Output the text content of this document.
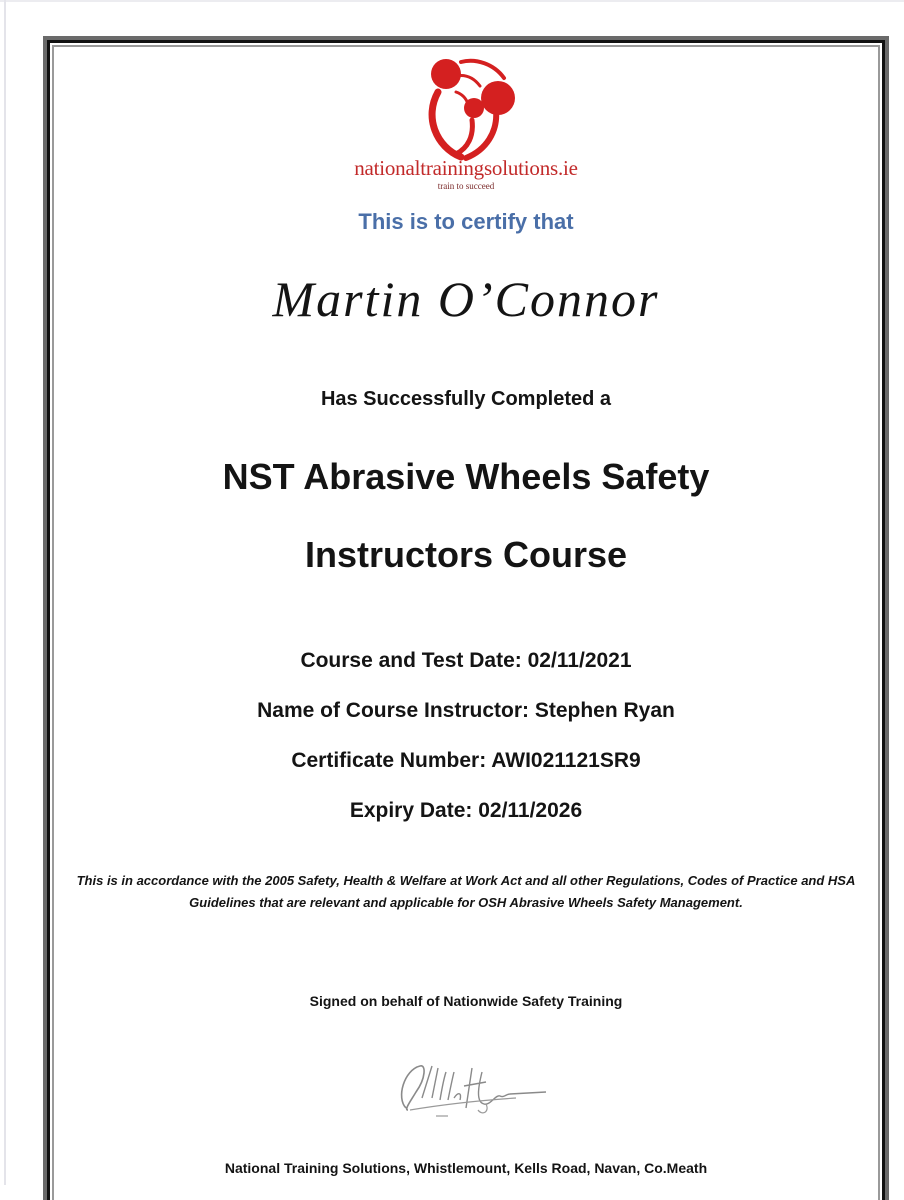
nationaltrainingsolutions.ie
train to succeed
This is to certify that
Martin O’Connor
Has Successfully Completed a
NST Abrasive Wheels Safety
Instructors Course
Course and Test Date: 02/11/2021
Name of Course Instructor: Stephen Ryan
Certificate Number: AWI021121SR9
Expiry Date: 02/11/2026
This is in accordance with the 2005 Safety, Health & Welfare at Work Act and all other Regulations, Codes of Practice and HSA Guidelines that are relevant and applicable for OSH Abrasive Wheels Safety Management.
Signed on behalf of Nationwide Safety Training
National Training Solutions, Whistlemount, Kells Road, Navan, Co.Meath
